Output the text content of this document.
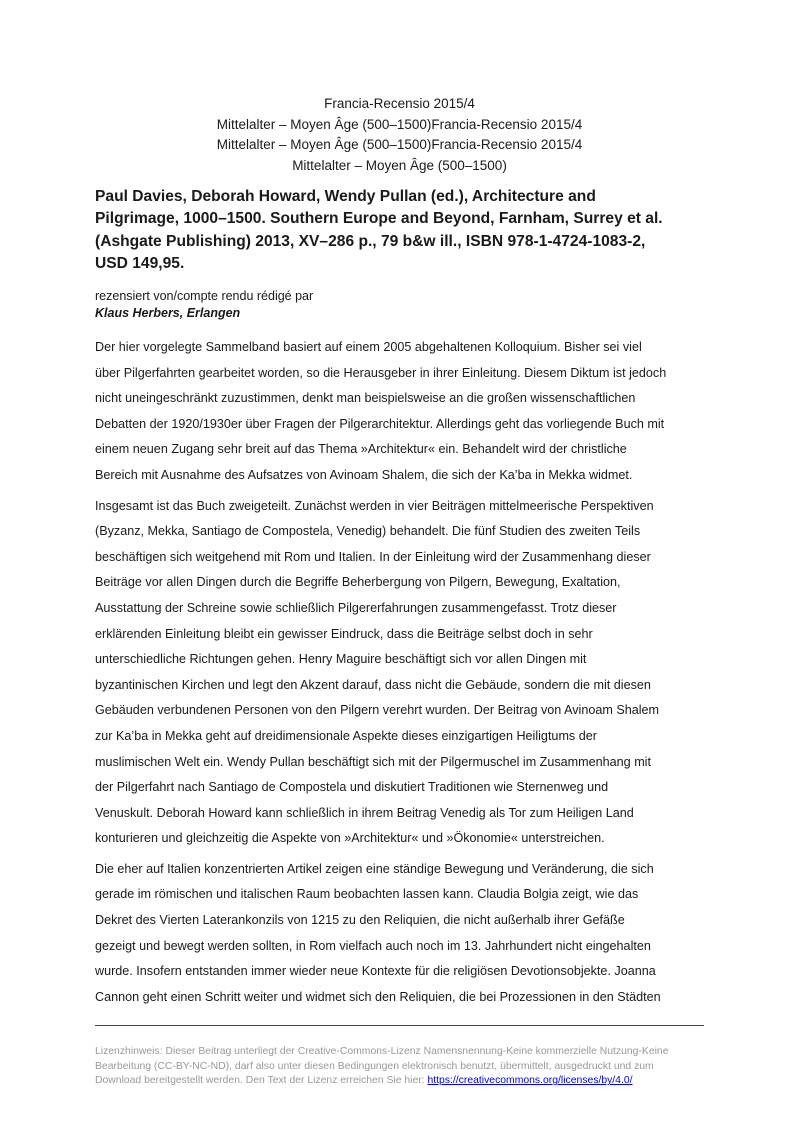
Francia-Recensio 2015/4
Mittelalter – Moyen Âge (500–1500)Francia-Recensio 2015/4
Mittelalter – Moyen Âge (500–1500)Francia-Recensio 2015/4
Mittelalter – Moyen Âge (500–1500)
Paul Davies, Deborah Howard, Wendy Pullan (ed.), Architecture and
Pilgrimage, 1000–1500. Southern Europe and Beyond, Farnham, Surrey et al.
(Ashgate Publishing) 2013, XV–286 p., 79 b&w ill., ISBN 978-1-4724-1083-2,
USD 149,95.
rezensiert von/compte rendu rédigé par
Klaus Herbers, Erlangen
Der hier vorgelegte Sammelband basiert auf einem 2005 abgehaltenen Kolloquium. Bisher sei viel
über Pilgerfahrten gearbeitet worden, so die Herausgeber in ihrer Einleitung. Diesem Diktum ist jedoch
nicht uneingeschränkt zuzustimmen, denkt man beispielsweise an die großen wissenschaftlichen
Debatten der 1920/1930er über Fragen der Pilgerarchitektur. Allerdings geht das vorliegende Buch mit
einem neuen Zugang sehr breit auf das Thema »Architektur« ein. Behandelt wird der christliche
Bereich mit Ausnahme des Aufsatzes von Avinoam Shalem, die sich der Ka’ba in Mekka widmet.
Insgesamt ist das Buch zweigeteilt. Zunächst werden in vier Beiträgen mittelmeerische Perspektiven
(Byzanz, Mekka, Santiago de Compostela, Venedig) behandelt. Die fünf Studien des zweiten Teils
beschäftigen sich weitgehend mit Rom und Italien. In der Einleitung wird der Zusammenhang dieser
Beiträge vor allen Dingen durch die Begriffe Beherbergung von Pilgern, Bewegung, Exaltation,
Ausstattung der Schreine sowie schließlich Pilgererfahrungen zusammengefasst. Trotz dieser
erklärenden Einleitung bleibt ein gewisser Eindruck, dass die Beiträge selbst doch in sehr
unterschiedliche Richtungen gehen. Henry Maguire beschäftigt sich vor allen Dingen mit
byzantinischen Kirchen und legt den Akzent darauf, dass nicht die Gebäude, sondern die mit diesen
Gebäuden verbundenen Personen von den Pilgern verehrt wurden. Der Beitrag von Avinoam Shalem
zur Ka’ba in Mekka geht auf dreidimensionale Aspekte dieses einzigartigen Heiligtums der
muslimischen Welt ein. Wendy Pullan beschäftigt sich mit der Pilgermuschel im Zusammenhang mit
der Pilgerfahrt nach Santiago de Compostela und diskutiert Traditionen wie Sternenweg und
Venuskult. Deborah Howard kann schließlich in ihrem Beitrag Venedig als Tor zum Heiligen Land
konturieren und gleichzeitig die Aspekte von »Architektur« und »Ökonomie« unterstreichen.
Die eher auf Italien konzentrierten Artikel zeigen eine ständige Bewegung und Veränderung, die sich
gerade im römischen und italischen Raum beobachten lassen kann. Claudia Bolgia zeigt, wie das
Dekret des Vierten Laterankonzils von 1215 zu den Reliquien, die nicht außerhalb ihrer Gefäße
gezeigt und bewegt werden sollten, in Rom vielfach auch noch im 13. Jahrhundert nicht eingehalten
wurde. Insofern entstanden immer wieder neue Kontexte für die religiösen Devotionsobjekte. Joanna
Cannon geht einen Schritt weiter und widmet sich den Reliquien, die bei Prozessionen in den Städten
Lizenzhinweis: Dieser Beitrag unterliegt der Creative-Commons-Lizenz Namensnennung-Keine kommerzielle Nutzung-Keine
Bearbeitung (CC-BY-NC-ND), darf also unter diesen Bedingungen elektronisch benutzt, übermittelt, ausgedruckt und zum
Download bereitgestellt werden. Den Text der Lizenz erreichen Sie hier: https://creativecommons.org/licenses/by/4.0/
